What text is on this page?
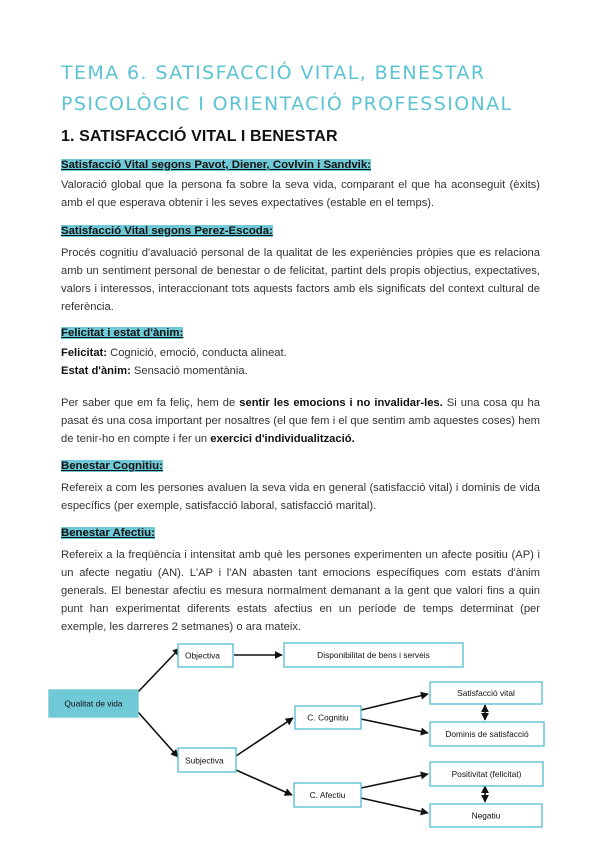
TEMA 6. SATISFACCIÓ VITAL, BENESTAR PSICOLÒGIC I ORIENTACIÓ PROFESSIONAL
1. SATISFACCIÓ VITAL I BENESTAR
Satisfacció Vital segons Pavot, Diener, Covlvin i Sandvik:
Valoració global que la persona fa sobre la seva vida, comparant el que ha aconseguit (èxits) amb el que esperava obtenir i les seves expectatives (estable en el temps).
Satisfacció Vital segons Perez-Escoda:
Procés cognitiu d'avaluació personal de la qualitat de les experiències pròpies que es relaciona amb un sentiment personal de benestar o de felicitat, partint dels propis objectius, expectatives, valors i interessos, interaccionant tots aquests factors amb els significats del context cultural de referència.
Felicitat i estat d'ànim:
Felicitat: Cognició, emoció, conducta alineat.
Estat d'ànim: Sensació momentània.
Per saber que em fa feliç, hem de sentir les emocions i no invalidar-les. Si una cosa qu ha pasat és una cosa important per nosaltres (el que fem i el que sentim amb aquestes coses) hem de tenir-ho en compte i fer un exercici d'individualització.
Benestar Cognitiu:
Refereix a com les persones avaluen la seva vida en general (satisfacció vital) i dominis de vida específics (per exemple, satisfacció laboral, satisfacció marital).
Benestar Afectiu:
Refereix a la freqüència i intensitat amb què les persones experimenten un afecte positiu (AP) i un afecte negatiu (AN). L'AP i l'AN abasten tant emocions específiques com estats d'ànim generals. El benestar afectiu es mesura normalment demanant a la gent que valori fins a quin punt han experimentat diferents estats afectius en un període de temps determinat (per exemple, les darreres 2 setmanes) o ara mateix.
Qualitat de vida
Objectiva	Disponibilitat de bens i serveis
Subjectiva
C. Cognitiu
Satisfacció vital
Dominis de satisfacció
C. Afectiu
Positivitat (felicitat)
Negatiu
